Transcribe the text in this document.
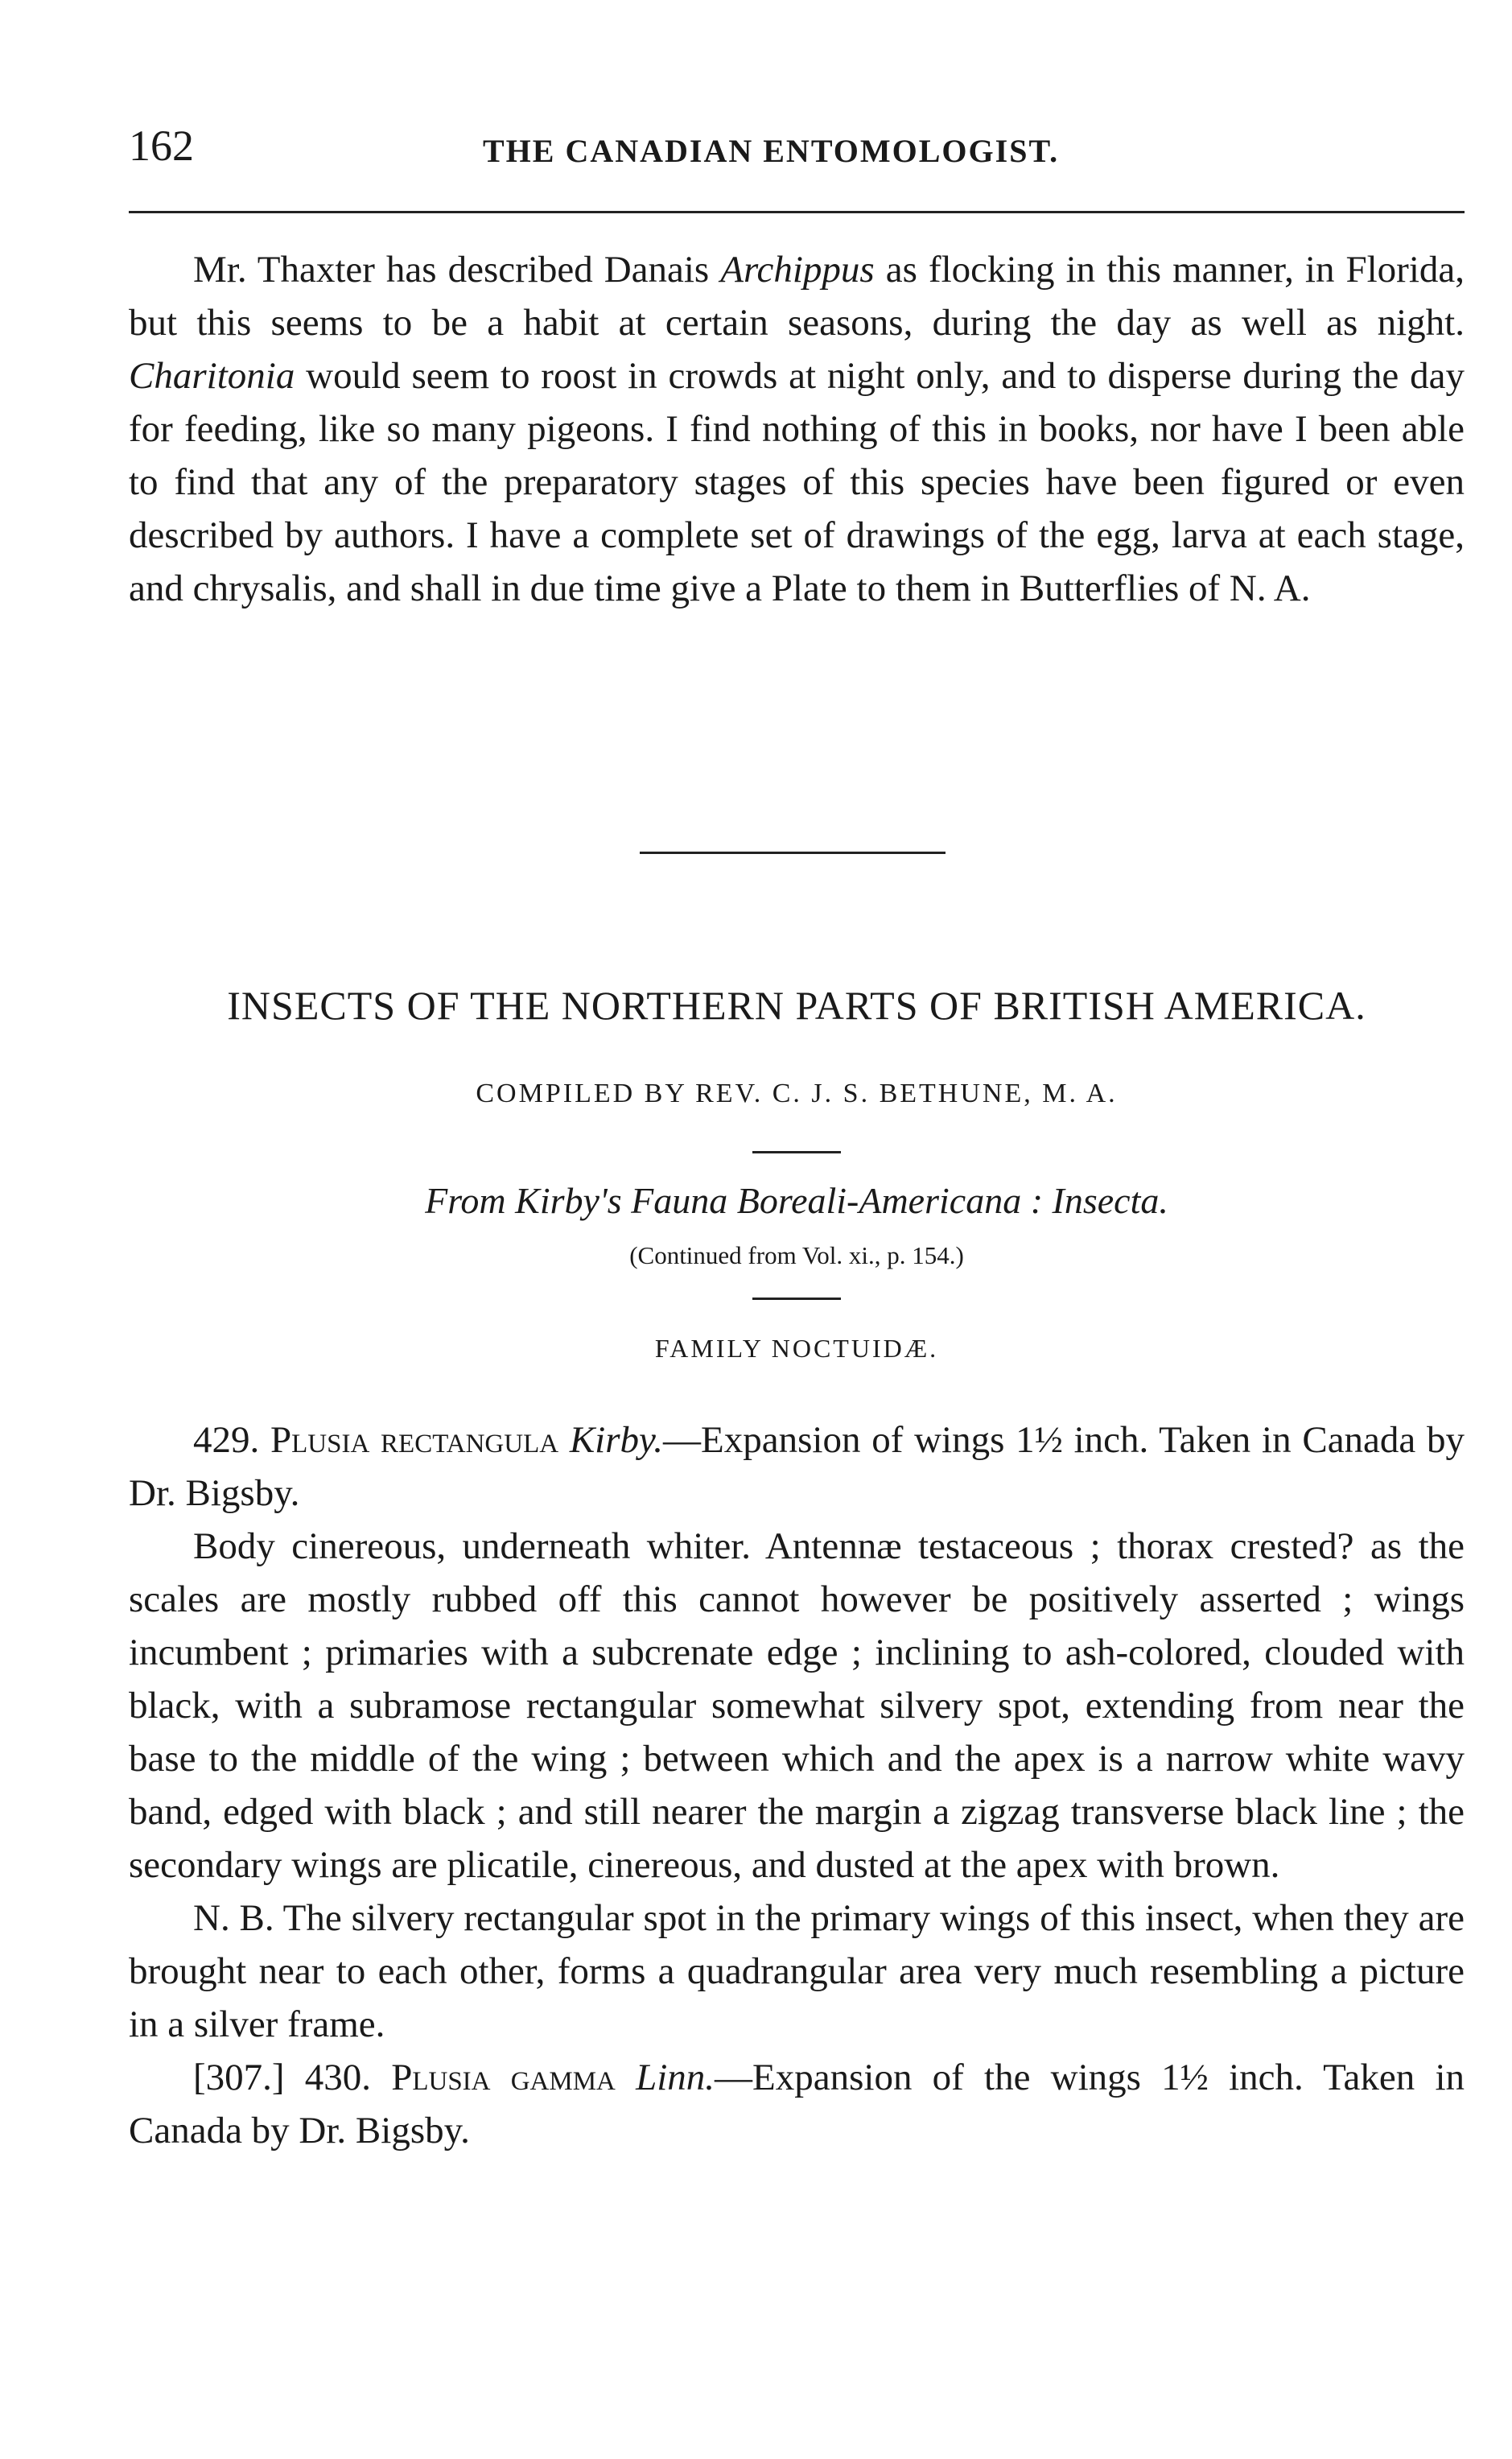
162	THE CANADIAN ENTOMOLOGIST.

Mr. Thaxter has described Danais Archippus as flocking in this manner, in Florida, but this seems to be a habit at certain seasons, during the day as well as night. Charitonia would seem to roost in crowds at night only, and to disperse during the day for feeding, like so many pigeons. I find nothing of this in books, nor have I been able to find that any of the preparatory stages of this species have been figured or even described by authors. I have a complete set of drawings of the egg, larva at each stage, and chrysalis, and shall in due time give a Plate to them in Butterflies of N. A.

INSECTS OF THE NORTHERN PARTS OF BRITISH AMERICA.
COMPILED BY REV. C. J. S. BETHUNE, M. A.
From Kirby's Fauna Boreali-Americana : Insecta.
(Continued from Vol. xi., p. 154.)
FAMILY NOCTUIDÆ.

429. Plusia rectangula Kirby.—Expansion of wings 1½ inch. Taken in Canada by Dr. Bigsby.

Body cinereous, underneath whiter. Antennæ testaceous ; thorax crested? as the scales are mostly rubbed off this cannot however be positively asserted ; wings incumbent ; primaries with a subcrenate edge ; inclining to ash-colored, clouded with black, with a subramose rectangular somewhat silvery spot, extending from near the base to the middle of the wing ; between which and the apex is a narrow white wavy band, edged with black ; and still nearer the margin a zigzag transverse black line ; the secondary wings are plicatile, cinereous, and dusted at the apex with brown.

N. B. The silvery rectangular spot in the primary wings of this insect, when they are brought near to each other, forms a quadrangular area very much resembling a picture in a silver frame.

[307.] 430. Plusia gamma Linn.—Expansion of the wings 1½ inch. Taken in Canada by Dr. Bigsby.
